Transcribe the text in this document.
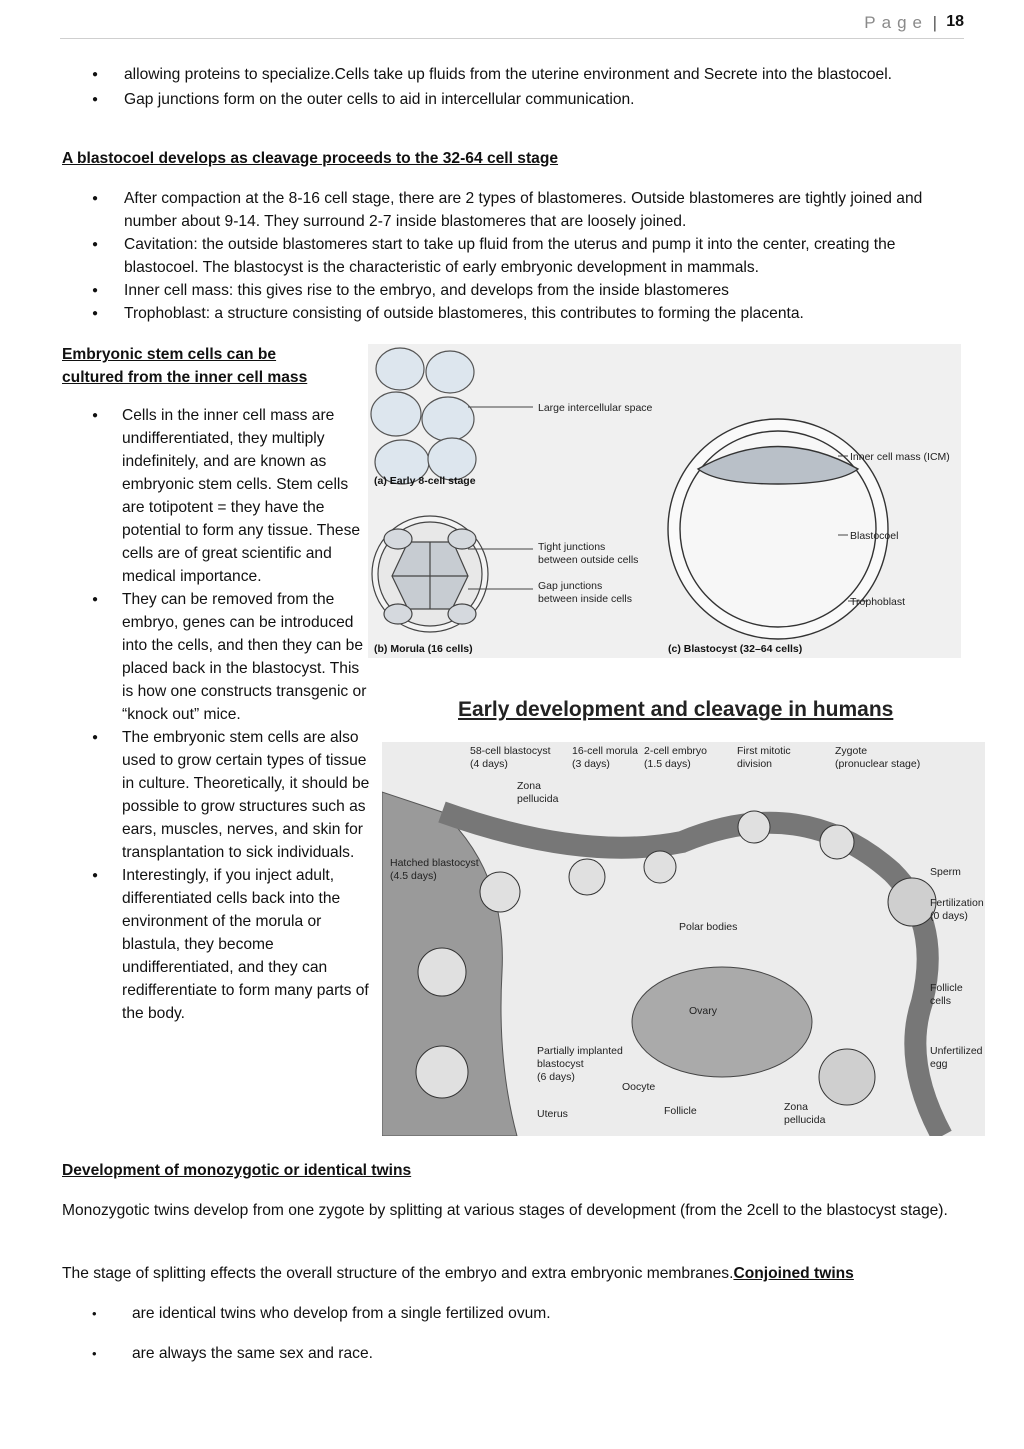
Page | 18
● allowing proteins to specialize.Cells take up fluids from the uterine environment and Secrete into the blastocoel.
● Gap junctions form on the outer cells to aid in intercellular communication.
A blastocoel develops as cleavage proceeds to the 32-64 cell stage
● After compaction at the 8-16 cell stage, there are 2 types of blastomeres. Outside blastomeres are tightly joined and number about 9-14. They surround 2-7 inside blastomeres that are loosely joined.
● Cavitation: the outside blastomeres start to take up fluid from the uterus and pump it into the center, creating the blastocoel. The blastocyst is the characteristic of early embryonic development in mammals.
● Inner cell mass: this gives rise to the embryo, and develops from the inside blastomeres
● Trophoblast: a structure consisting of outside blastomeres, this contributes to forming the placenta.
Embryonic stem cells can be
cultured from the inner cell mass
● Cells in the inner cell mass are undifferentiated, they multiply indefinitely, and are known as embryonic stem cells. Stem cells are totipotent = they have the potential to form any tissue. These cells are of great scientific and medical importance.
● They can be removed from the embryo, genes can be introduced into the cells, and then they can be placed back in the blastocyst. This is how one constructs transgenic or “knock out” mice.
● The embryonic stem cells are also used to grow certain types of tissue in culture. Theoretically, it should be possible to grow structures such as ears, muscles, nerves, and skin for transplantation to sick individuals.
● Interestingly, if you inject adult, differentiated cells back into the environment of the morula or blastula, they become undifferentiated, and they can redifferentiate to form many parts of the body.
Large intercellular space
(a) Early 8-cell stage
Tight junctions
between outside cells
Gap junctions
between inside cells
(b) Morula (16 cells)
Inner cell mass (ICM)
Blastocoel
Trophoblast
(c) Blastocyst (32–64 cells)
Early development and cleavage in humans
58-cell blastocyst
(4 days)
16-cell morula
(3 days)
2-cell embryo
(1.5 days)
First mitotic
division
Zygote
(pronuclear stage)
Zona
pellucida
Hatched blastocyst
(4.5 days)	Sperm
Fertilization
(0 days)
Polar bodies
Follicle
cells
Ovary
Partially implanted
blastocyst
(6 days)
Unfertilized
egg
Oocyte
Uterus	Follicle	Zona
pellucida
Development of monozygotic or identical twins
Monozygotic twins develop from one zygote by splitting at various stages of development (from the 2cell to the blastocyst stage).
The stage of splitting effects the overall structure of the embryo and extra embryonic membranes.Conjoined twins
• are identical twins who develop from a single fertilized ovum.
• are always the same sex and race.
